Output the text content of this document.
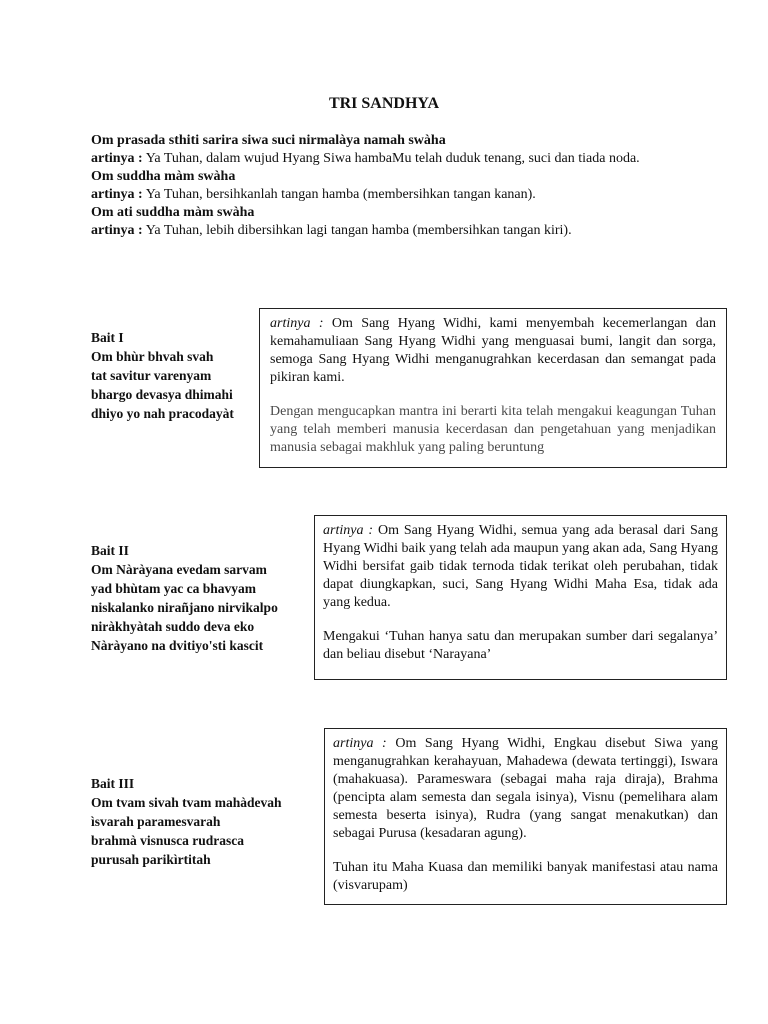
TRI SANDHYA
Om prasada sthiti sarira siwa suci nirmalàya namah swàha
artinya : Ya Tuhan, dalam wujud Hyang Siwa hambaMu telah duduk tenang, suci dan tiada noda.
Om suddha màm swàha
artinya : Ya Tuhan, bersihkanlah tangan hamba (membersihkan tangan kanan).
Om ati suddha màm swàha
artinya : Ya Tuhan, lebih dibersihkan lagi tangan hamba (membersihkan tangan kiri).
Bait I
Om bhùr bhvah svah
tat savitur varenyam
bhargo devasya dhimahi
dhiyo yo nah pracodayàt

artinya : Om Sang Hyang Widhi, kami menyembah kecemerlangan dan kemahamuliaan Sang Hyang Widhi yang menguasai bumi, langit dan sorga, semoga Sang Hyang Widhi menganugrahkan kecerdasan dan semangat pada pikiran kami.

Dengan mengucapkan mantra ini berarti kita telah mengakui keagungan Tuhan yang telah memberi manusia kecerdasan dan pengetahuan yang menjadikan manusia sebagai makhluk yang paling beruntung

Bait II
Om Nàràyana evedam sarvam
yad bhùtam yac ca bhavyam
niskalanko nirañjano nirvikalpo
niràkhyàtah suddo deva eko
Nàràyano na dvitiyo'sti kascit

artinya : Om Sang Hyang Widhi, semua yang ada berasal dari Sang Hyang Widhi baik yang telah ada maupun yang akan ada, Sang Hyang Widhi bersifat gaib tidak ternoda tidak terikat oleh perubahan, tidak dapat diungkapkan, suci, Sang Hyang Widhi Maha Esa, tidak ada yang kedua.

Mengakui ‘Tuhan hanya satu dan merupakan sumber dari segalanya’ dan beliau disebut ‘Narayana’

Bait III
Om tvam sivah tvam mahàdevah
ìsvarah paramesvarah
brahmà visnusca rudrasca
purusah parikìrtitah

artinya : Om Sang Hyang Widhi, Engkau disebut Siwa yang menganugrahkan kerahayuan, Mahadewa (dewata tertinggi), Iswara (mahakuasa). Parameswara (sebagai maha raja diraja), Brahma (pencipta alam semesta dan segala isinya), Visnu (pemelihara alam semesta beserta isinya), Rudra (yang sangat menakutkan) dan sebagai Purusa (kesadaran agung).

Tuhan itu Maha Kuasa dan memiliki banyak manifestasi atau nama (visvarupam)
